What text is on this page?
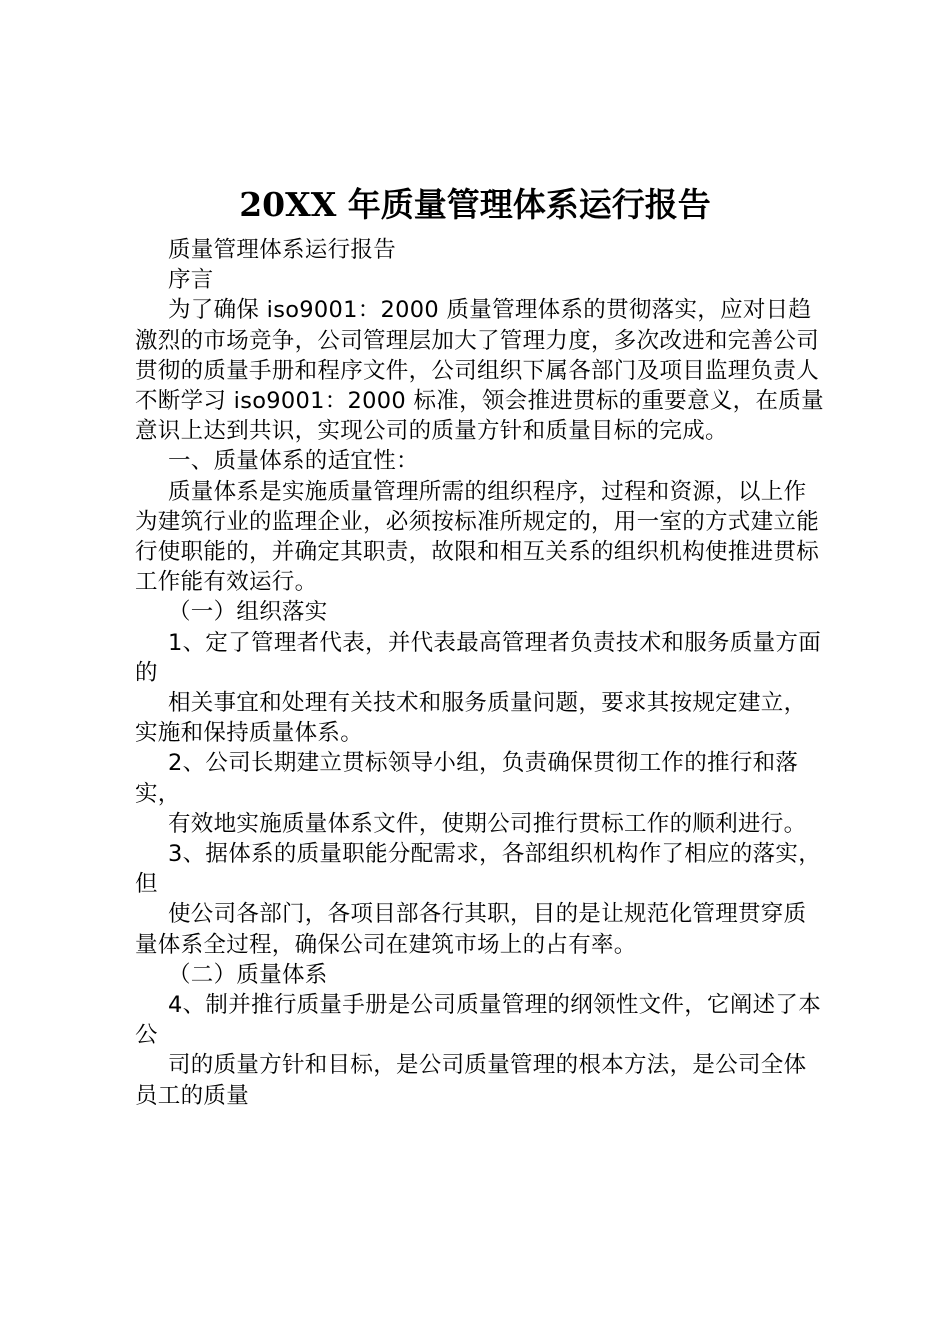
20XX 年质量管理体系运行报告

质量管理体系运行报告

序言

为了确保 iso9001：2000 质量管理体系的贯彻落实，应对日趋激烈的市场竞争，公司管理层加大了管理力度，多次改进和完善公司贯彻的质量手册和程序文件，公司组织下属各部门及项目监理负责人不断学习 iso9001：2000 标准，领会推进贯标的重要意义，在质量意识上达到共识，实现公司的质量方针和质量目标的完成。

一、质量体系的适宜性：

质量体系是实施质量管理所需的组织程序，过程和资源，以上作为建筑行业的监理企业，必须按标准所规定的，用一室的方式建立能行使职能的，并确定其职责，故限和相互关系的组织机构使推进贯标工作能有效运行。

（一）组织落实

1、定了管理者代表，并代表最高管理者负责技术和服务质量方面的

相关事宜和处理有关技术和服务质量问题，要求其按规定建立，实施和保持质量体系。

2、公司长期建立贯标领导小组，负责确保贯彻工作的推行和落实，

有效地实施质量体系文件，使期公司推行贯标工作的顺利进行。

3、据体系的质量职能分配需求，各部组织机构作了相应的落实，但

使公司各部门，各项目部各行其职，目的是让规范化管理贯穿质量体系全过程，确保公司在建筑市场上的占有率。

（二）质量体系

4、制并推行质量手册是公司质量管理的纲领性文件，它阐述了本公

司的质量方针和目标，是公司质量管理的根本方法，是公司全体员工的质量
